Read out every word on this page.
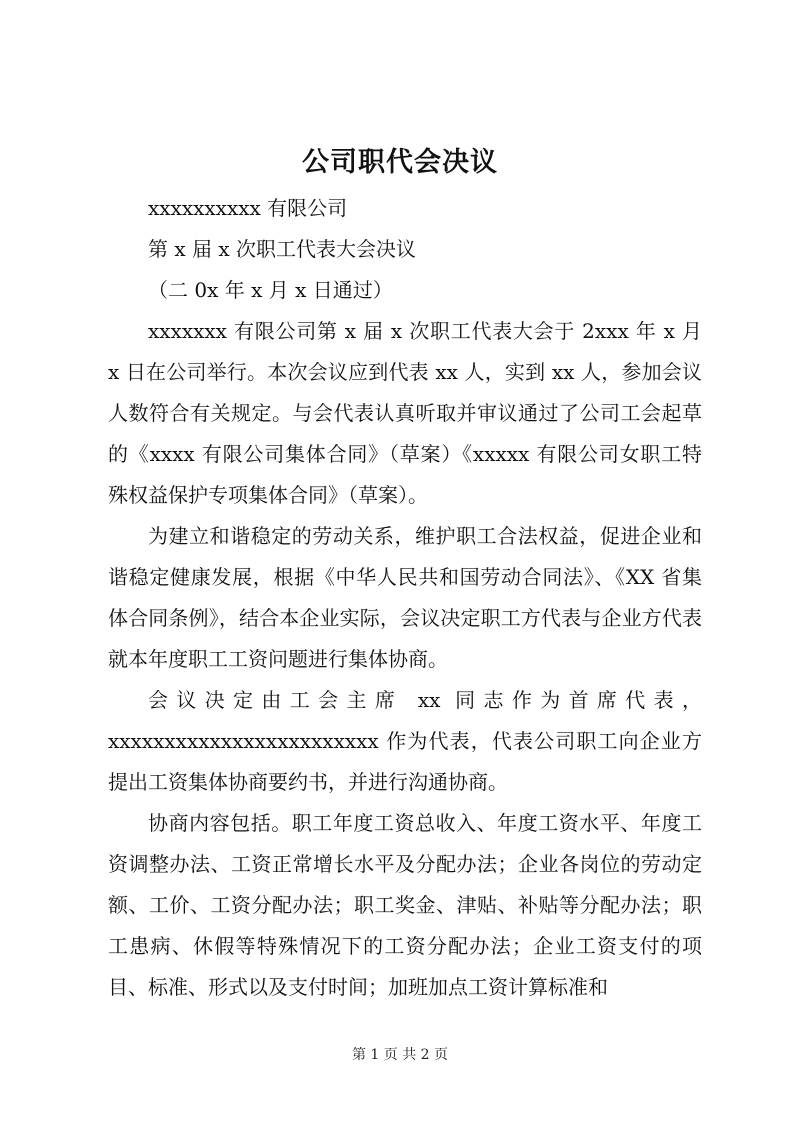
公司职代会决议

xxxxxxxxxx 有限公司

第 x 届 x 次职工代表大会决议

（二 0x 年 x 月 x 日通过）

xxxxxxx 有限公司第 x 届 x 次职工代表大会于 2xxx 年 x 月 x 日在公司举行。本次会议应到代表 xx 人，实到 xx 人，参加会议人数符合有关规定。与会代表认真听取并审议通过了公司工会起草的《xxxx 有限公司集体合同》（草案）《xxxxx 有限公司女职工特殊权益保护专项集体合同》（草案）。

为建立和谐稳定的劳动关系，维护职工合法权益，促进企业和谐稳定健康发展，根据《中华人民共和国劳动合同法》、《XX 省集体合同条例》，结合本企业实际，会议决定职工方代表与企业方代表就本年度职工工资问题进行集体协商。

会议决定由工会主席 xx 同志作为首席代表，xxxxxxxxxxxxxxxxxxxxxxxx 作为代表，代表公司职工向企业方提出工资集体协商要约书，并进行沟通协商。

协商内容包括。职工年度工资总收入、年度工资水平、年度工资调整办法、工资正常增长水平及分配办法；企业各岗位的劳动定额、工价、工资分配办法；职工奖金、津贴、补贴等分配办法；职工患病、休假等特殊情况下的工资分配办法；企业工资支付的项目、标准、形式以及支付时间；加班加点工资计算标准和

第 1 页 共 2 页
